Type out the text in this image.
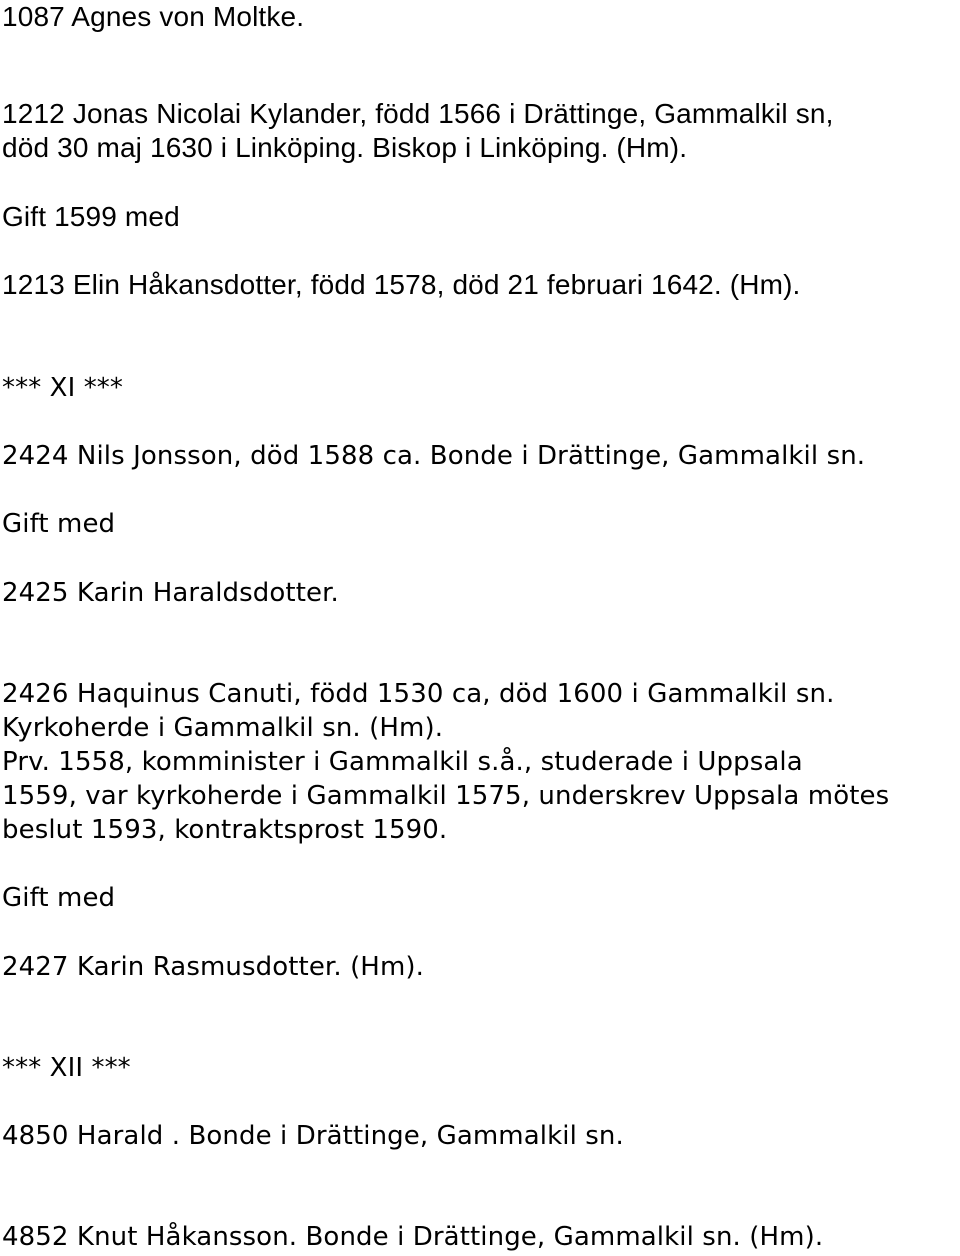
1087 Agnes von Moltke.

1212 Jonas Nicolai Kylander, född 1566 i Drättinge, Gammalkil sn,

död 30 maj 1630 i Linköping. Biskop i Linköping. (Hm).

Gift 1599 med

1213 Elin Håkansdotter, född 1578, död 21 februari 1642. (Hm).

*** XI ***

2424 Nils Jonsson, död 1588 ca. Bonde i Drättinge, Gammalkil sn.

Gift med

2425 Karin Haraldsdotter.

2426 Haquinus Canuti, född 1530 ca, död 1600 i Gammalkil sn.

Kyrkoherde i Gammalkil sn. (Hm).

Prv. 1558, komminister i Gammalkil s.å., studerade i Uppsala

1559, var kyrkoherde i Gammalkil 1575, underskrev Uppsala mötes

beslut 1593, kontraktsprost 1590.

Gift med

2427 Karin Rasmusdotter. (Hm).

*** XII ***

4850 Harald . Bonde i Drättinge, Gammalkil sn.

4852 Knut Håkansson. Bonde i Drättinge, Gammalkil sn. (Hm).
